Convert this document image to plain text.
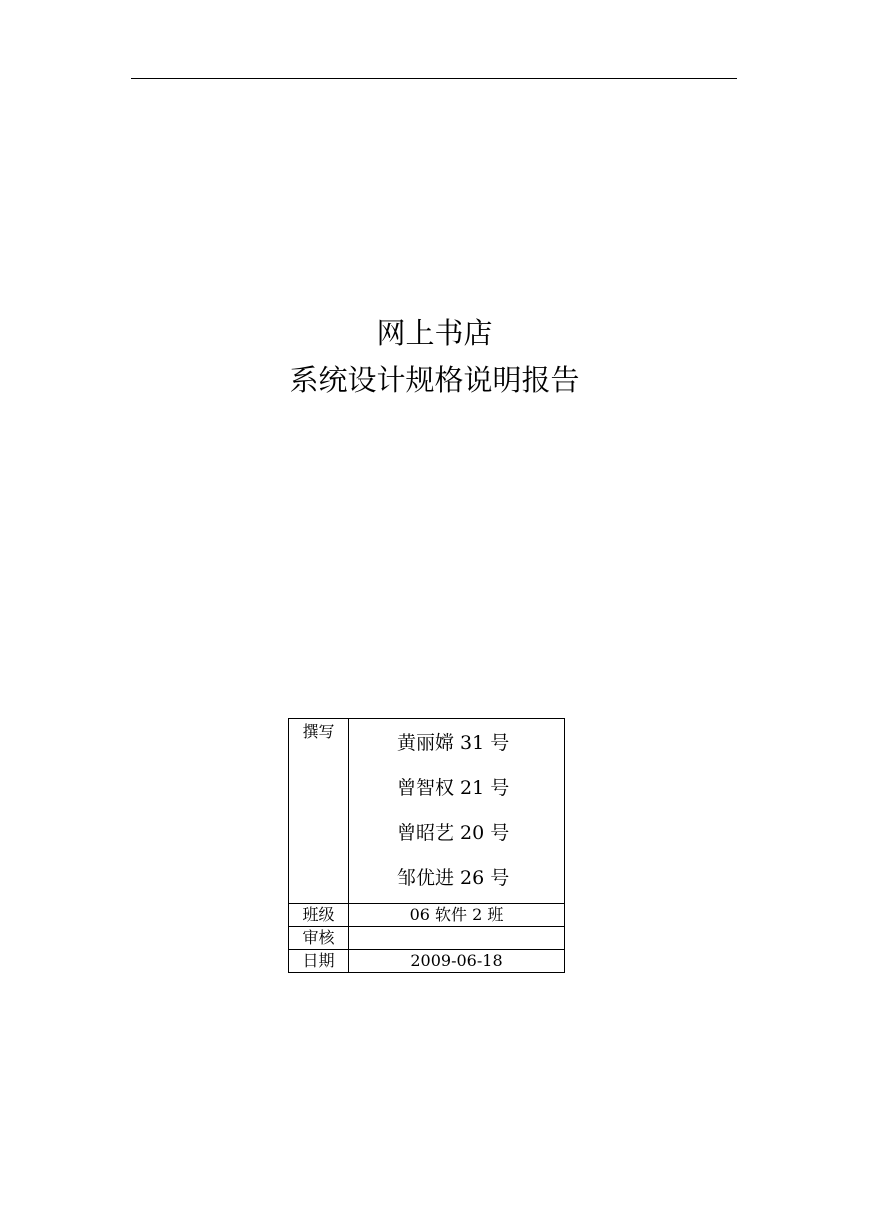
网上书店
系统设计规格说明报告
撰写	黄丽嫦 31 号
曾智权 21 号
曾昭艺 20 号
邹优进 26 号

班级	06 软件 2 班
审核	
日期	2009-06-18
